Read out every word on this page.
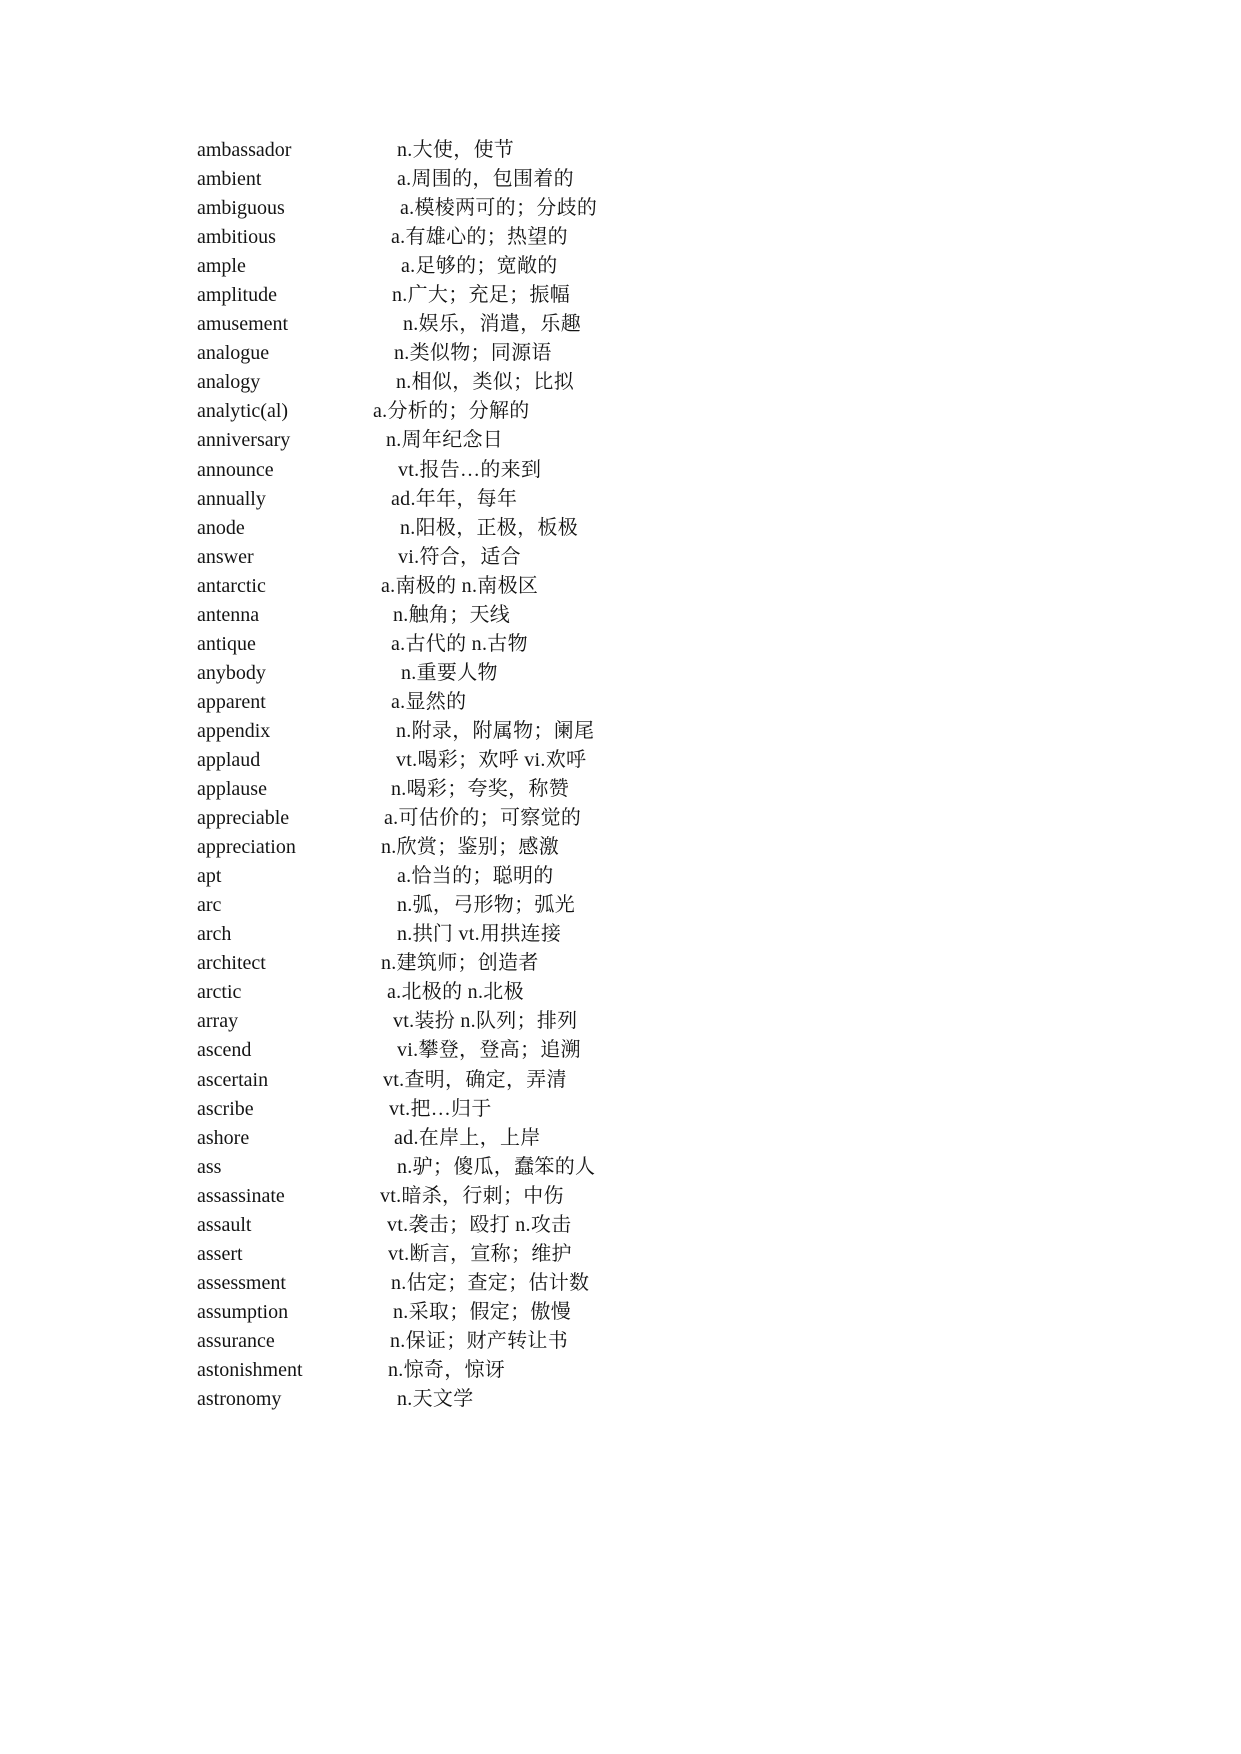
ambassador	n.大使，使节
ambient	a.周围的，包围着的
ambiguous	a.模棱两可的；分歧的
ambitious	a.有雄心的；热望的
ample	a.足够的；宽敞的
amplitude	n.广大；充足；振幅
amusement	n.娱乐，消遣，乐趣
analogue	n.类似物；同源语
analogy	n.相似，类似；比拟
analytic(al)	a.分析的；分解的
anniversary	n.周年纪念日
announce	vt.报告…的来到
annually	ad.年年，每年
anode	n.阳极，正极，板极
answer	vi.符合，适合
antarctic	a.南极的 n.南极区
antenna	n.触角；天线
antique	a.古代的 n.古物
anybody	n.重要人物
apparent	a.显然的
appendix	n.附录，附属物；阑尾
applaud	vt.喝彩；欢呼 vi.欢呼
applause	n.喝彩；夸奖，称赞
appreciable	a.可估价的；可察觉的
appreciation	n.欣赏；鉴别；感激
apt	a.恰当的；聪明的
arc	n.弧，弓形物；弧光
arch	n.拱门 vt.用拱连接
architect	n.建筑师；创造者
arctic	a.北极的 n.北极
array	vt.装扮 n.队列；排列
ascend	vi.攀登，登高；追溯
ascertain	vt.查明，确定，弄清
ascribe	vt.把…归于
ashore	ad.在岸上，上岸
ass	n.驴；傻瓜，蠢笨的人
assassinate	vt.暗杀，行刺；中伤
assault	vt.袭击；殴打 n.攻击
assert	vt.断言，宣称；维护
assessment	n.估定；查定；估计数
assumption	n.采取；假定；傲慢
assurance	n.保证；财产转让书
astonishment	n.惊奇，惊讶
astronomy	n.天文学
